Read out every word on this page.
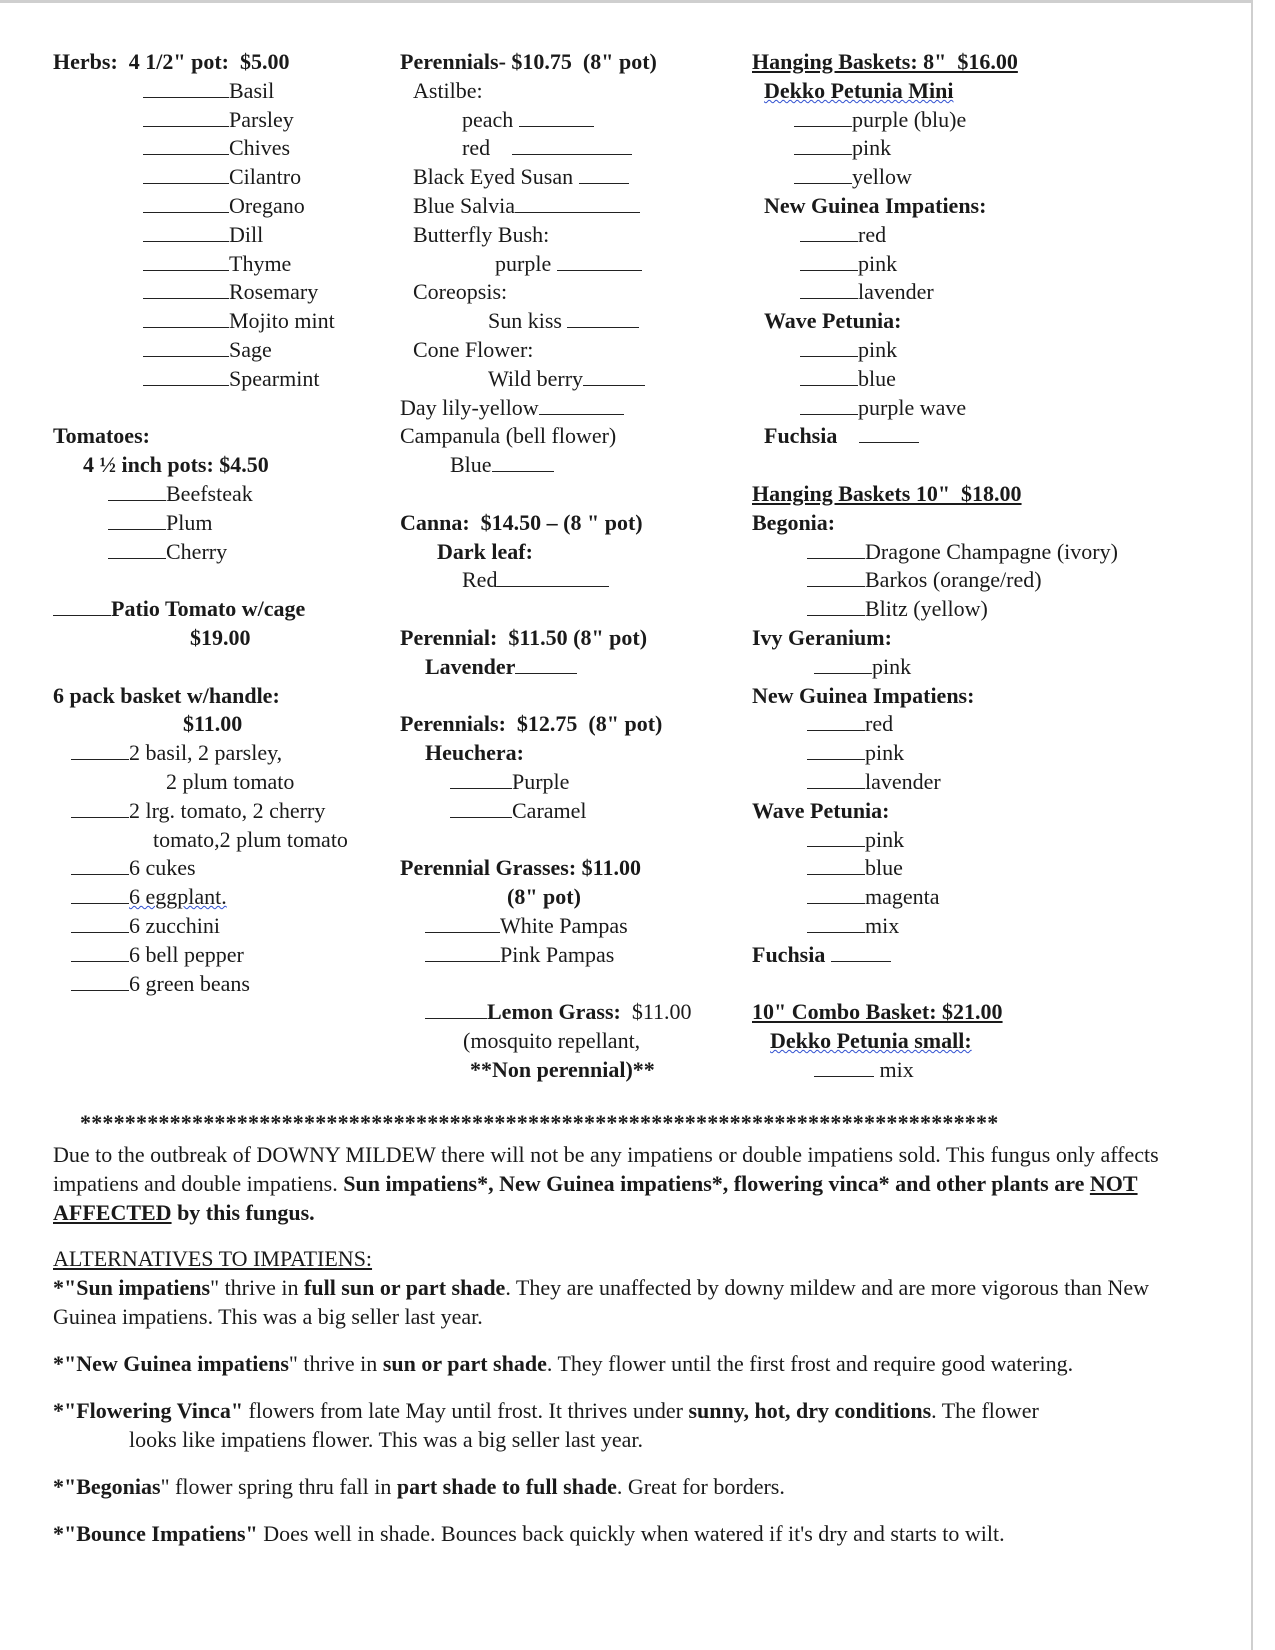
Herbs:  4 1/2" pot:  $5.00
Basil
Parsley
Chives
Cilantro
Oregano
Dill
Thyme
Rosemary
Mojito mint
Sage
Spearmint
Tomatoes:
4 ½ inch pots: $4.50
Beefsteak
Plum
Cherry
Patio Tomato w/cage
$19.00
6 pack basket w/handle:
$11.00
2 basil, 2 parsley,
2 plum tomato
2 lrg. tomato, 2 cherry
tomato,2 plum tomato
6 cukes
6 eggplant.
6 zucchini
6 bell pepper
6 green beans
Perennials- $10.75  (8" pot)
Astilbe:
peach
red
Black Eyed Susan
Blue Salvia
Butterfly Bush:
purple
Coreopsis:
Sun kiss
Cone Flower:
Wild berry
Day lily-yellow
Campanula (bell flower)
Blue
Canna:  $14.50 – (8 " pot)
Dark leaf:
Red
Perennial:  $11.50 (8" pot)
Lavender
Perennials:  $12.75  (8" pot)
Heuchera:
Purple
Caramel
Perennial Grasses: $11.00
(8" pot)
White Pampas
Pink Pampas
Lemon Grass:  $11.00
(mosquito repellant,
**Non perennial)**
Hanging Baskets: 8"  $16.00
Dekko Petunia Mini
purple (blu)e
pink
yellow
New Guinea Impatiens:
red
pink
lavender
Wave Petunia:
pink
blue
purple wave
Fuchsia
Hanging Baskets 10"  $18.00
Begonia:
Dragone Champagne (ivory)
Barkos (orange/red)
Blitz (yellow)
Ivy Geranium:
pink
New Guinea Impatiens:
red
pink
lavender
Wave Petunia:
pink
blue
magenta
mix
Fuchsia
10" Combo Basket: $21.00
Dekko Petunia small:
mix
**********************************************************************************
Due to the outbreak of DOWNY MILDEW there will not be any impatiens or double impatiens sold. This fungus only affects impatiens and double impatiens. Sun impatiens*, New Guinea impatiens*, flowering vinca* and other plants are NOT AFFECTED by this fungus.

ALTERNATIVES TO IMPATIENS:

*"Sun impatiens" thrive in full sun or part shade. They are unaffected by downy mildew and are more vigorous than New Guinea impatiens. This was a big seller last year.

*"New Guinea impatiens" thrive in sun or part shade. They flower until the first frost and require good watering.

*"Flowering Vinca" flowers from late May until frost. It thrives under sunny, hot, dry conditions. The flower

looks like impatiens flower. This was a big seller last year.

*"Begonias" flower spring thru fall in part shade to full shade. Great for borders.

*"Bounce Impatiens" Does well in shade. Bounces back quickly when watered if it's dry and starts to wilt.
